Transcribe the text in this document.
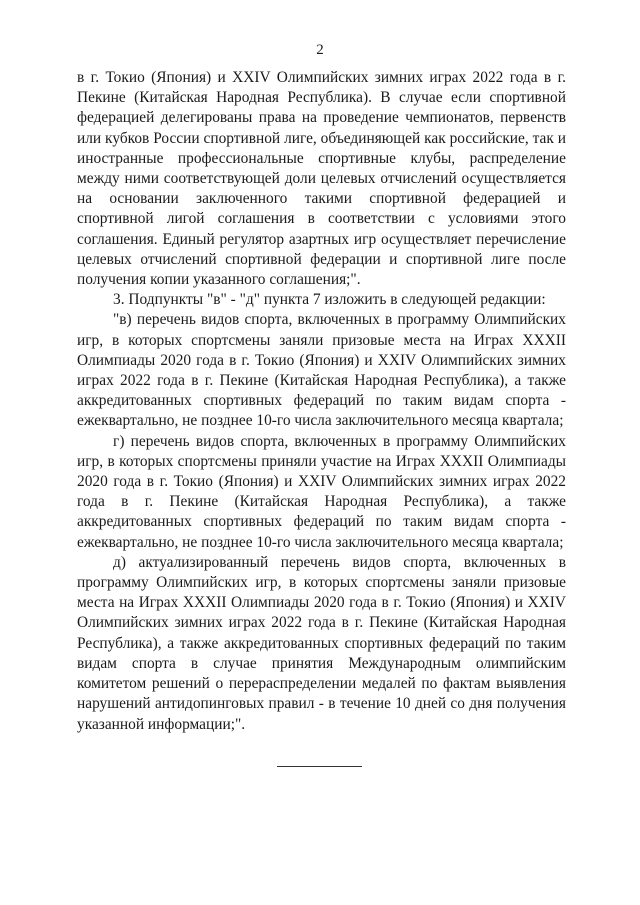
2

в г. Токио (Япония) и XXIV Олимпийских зимних играх 2022 года в г. Пекине (Китайская Народная Республика). В случае если спортивной федерацией делегированы права на проведение чемпионатов, первенств или кубков России спортивной лиге, объединяющей как российские, так и иностранные профессиональные спортивные клубы, распределение между ними соответствующей доли целевых отчислений осуществляется на основании заключенного такими спортивной федерацией и спортивной лигой соглашения в соответствии с условиями этого соглашения. Единый регулятор азартных игр осуществляет перечисление целевых отчислений спортивной федерации и спортивной лиге после получения копии указанного соглашения;".

3. Подпункты "в" - "д" пункта 7 изложить в следующей редакции:

"в) перечень видов спорта, включенных в программу Олимпийских игр, в которых спортсмены заняли призовые места на Играх XXXII Олимпиады 2020 года в г. Токио (Япония) и XXIV Олимпийских зимних играх 2022 года в г. Пекине (Китайская Народная Республика), а также аккредитованных спортивных федераций по таким видам спорта - ежеквартально, не позднее 10-го числа заключительного месяца квартала;

г) перечень видов спорта, включенных в программу Олимпийских игр, в которых спортсмены приняли участие на Играх XXXII Олимпиады 2020 года в г. Токио (Япония) и XXIV Олимпийских зимних играх 2022 года в г. Пекине (Китайская Народная Республика), а также аккредитованных спортивных федераций по таким видам спорта - ежеквартально, не позднее 10-го числа заключительного месяца квартала;

д) актуализированный перечень видов спорта, включенных в программу Олимпийских игр, в которых спортсмены заняли призовые места на Играх XXXII Олимпиады 2020 года в г. Токио (Япония) и XXIV Олимпийских зимних играх 2022 года в г. Пекине (Китайская Народная Республика), а также аккредитованных спортивных федераций по таким видам спорта в случае принятия Международным олимпийским комитетом решений о перераспределении медалей по фактам выявления нарушений антидопинговых правил - в течение 10 дней со дня получения указанной информации;".
